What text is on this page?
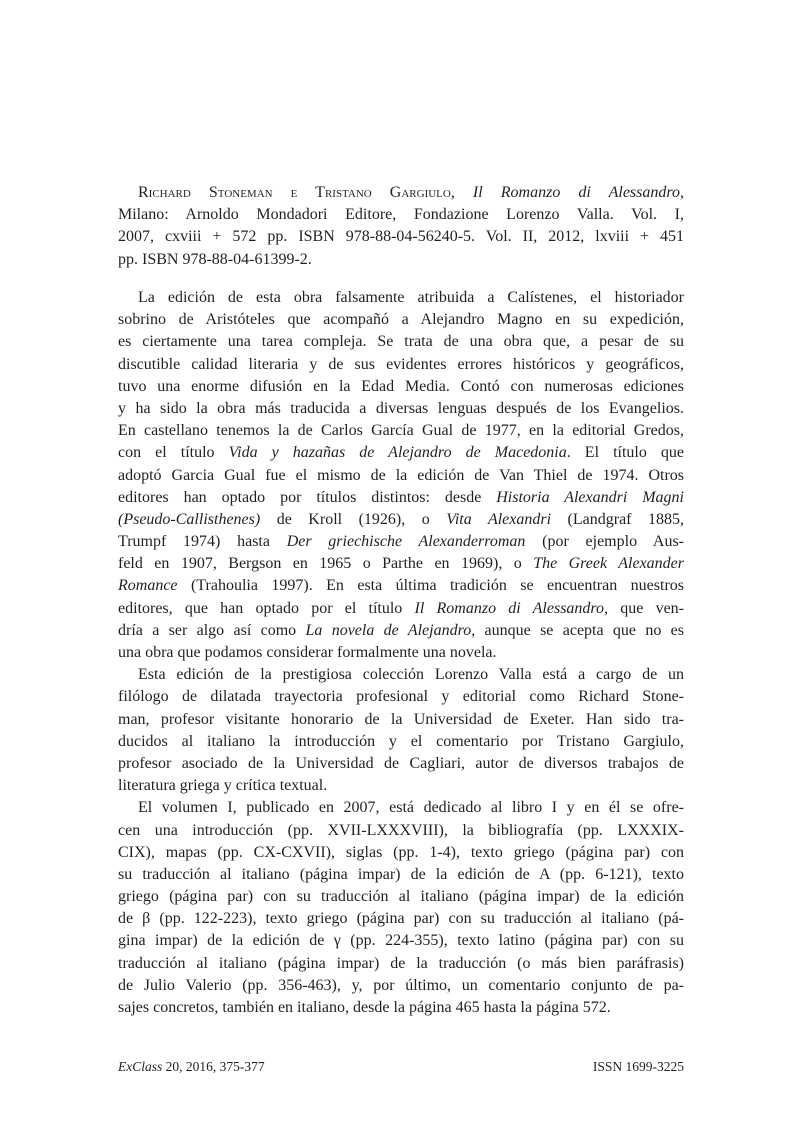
Richard Stoneman e Tristano Gargiulo, Il Romanzo di Alessandro,
Milano: Arnoldo Mondadori Editore, Fondazione Lorenzo Valla. Vol. I,
2007, cxviii + 572 pp. ISBN 978-88-04-56240-5. Vol. II, 2012, lxviii + 451
pp. ISBN 978-88-04-61399-2.
La edición de esta obra falsamente atribuida a Calístenes, el historiador
sobrino de Aristóteles que acompañó a Alejandro Magno en su expedición,
es ciertamente una tarea compleja. Se trata de una obra que, a pesar de su
discutible calidad literaria y de sus evidentes errores históricos y geográficos,
tuvo una enorme difusión en la Edad Media. Contó con numerosas ediciones
y ha sido la obra más traducida a diversas lenguas después de los Evangelios.
En castellano tenemos la de Carlos García Gual de 1977, en la editorial Gredos,
con el título Vida y hazañas de Alejandro de Macedonia. El título que
adoptó Garcia Gual fue el mismo de la edición de Van Thiel de 1974. Otros
editores han optado por títulos distintos: desde Historia Alexandri Magni
(Pseudo-Callisthenes) de Kroll (1926), o Vita Alexandri (Landgraf 1885,
Trumpf 1974) hasta Der griechische Alexanderroman (por ejemplo Aus-
feld en 1907, Bergson en 1965 o Parthe en 1969), o The Greek Alexander
Romance (Trahoulia 1997). En esta última tradición se encuentran nuestros
editores, que han optado por el título Il Romanzo di Alessandro, que ven-
dría a ser algo así como La novela de Alejandro, aunque se acepta que no es
una obra que podamos considerar formalmente una novela.
Esta edición de la prestigiosa colección Lorenzo Valla está a cargo de un
filólogo de dilatada trayectoria profesional y editorial como Richard Stone-
man, profesor visitante honorario de la Universidad de Exeter. Han sido tra-
ducidos al italiano la introducción y el comentario por Tristano Gargiulo,
profesor asociado de la Universidad de Cagliari, autor de diversos trabajos de
literatura griega y crítica textual.
El volumen I, publicado en 2007, está dedicado al libro I y en él se ofre-
cen una introducción (pp. XVII-LXXXVIII), la bibliografía (pp. LXXXIX-
CIX), mapas (pp. CX-CXVII), siglas (pp. 1-4), texto griego (página par) con
su traducción al italiano (página impar) de la edición de A (pp. 6-121), texto
griego (página par) con su traducción al italiano (página impar) de la edición
de β (pp. 122-223), texto griego (página par) con su traducción al italiano (pá-
gina impar) de la edición de γ (pp. 224-355), texto latino (página par) con su
traducción al italiano (página impar) de la traducción (o más bien paráfrasis)
de Julio Valerio (pp. 356-463), y, por último, un comentario conjunto de pa-
sajes concretos, también en italiano, desde la página 465 hasta la página 572.
ExClass 20, 2016, 375-377	ISSN 1699-3225
